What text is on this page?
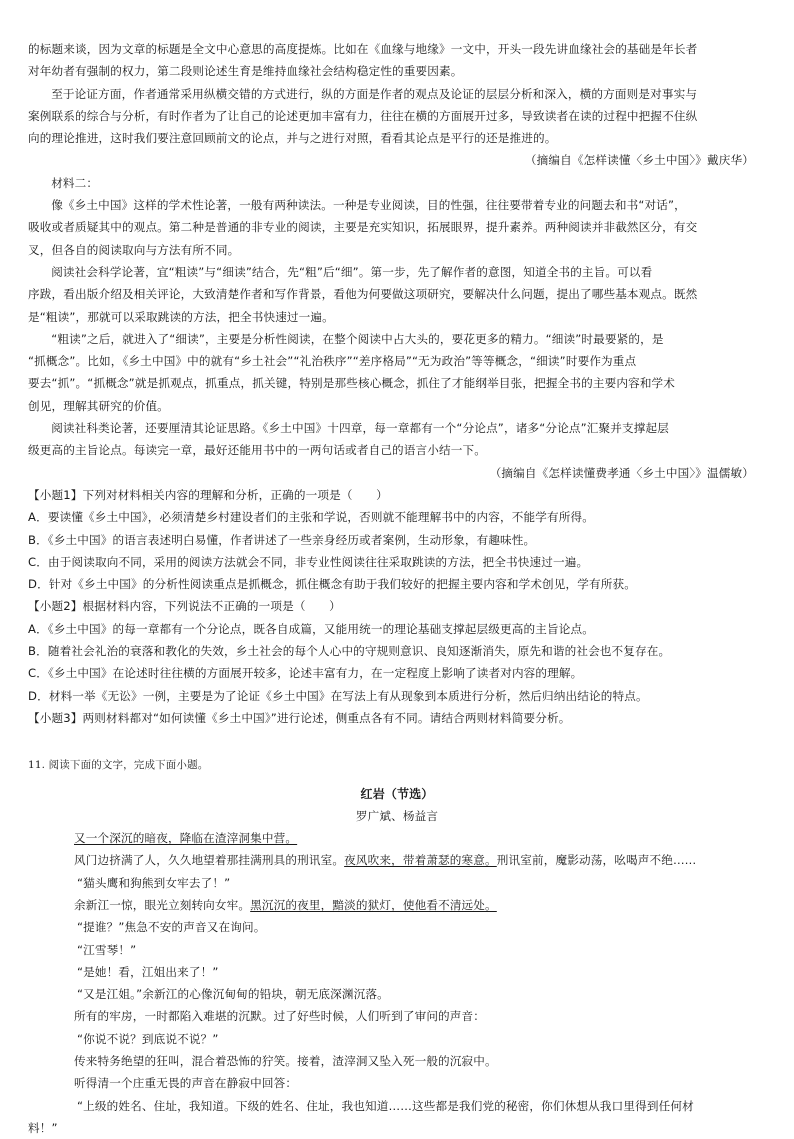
的标题来谈，因为文章的标题是全文中心意思的高度提炼。比如在《血缘与地缘》一文中，开头一段先讲血缘社会的基础是年长者

对年幼者有强制的权力，第二段则论述生育是维持血缘社会结构稳定性的重要因素。

至于论证方面，作者通常采用纵横交错的方式进行，纵的方面是作者的观点及论证的层层分析和深入，横的方面则是对事实与

案例联系的综合与分析，有时作者为了让自己的论述更加丰富有力，往往在横的方面展开过多，导致读者在读的过程中把握不住纵

向的理论推进，这时我们要注意回顾前文的论点，并与之进行对照，看看其论点是平行的还是推进的。

（摘编自《怎样读懂〈乡土中国〉》戴庆华）

材料二：

像《乡土中国》这样的学术性论著，一般有两种读法。一种是专业阅读，目的性强，往往要带着专业的问题去和书“对话”，

吸收或者质疑其中的观点。第二种是普通的非专业的阅读，主要是充实知识，拓展眼界，提升素养。两种阅读并非截然区分，有交

叉，但各自的阅读取向与方法有所不同。

阅读社会科学论著，宜“粗读”与“细读”结合，先“粗”后“细”。第一步，先了解作者的意图，知道全书的主旨。可以看

序跋，看出版介绍及相关评论，大致清楚作者和写作背景，看他为何要做这项研究，要解决什么问题，提出了哪些基本观点。既然

是“粗读”，那就可以采取跳读的方法，把全书快速过一遍。

“粗读”之后，就进入了“细读”，主要是分析性阅读，在整个阅读中占大头的，要花更多的精力。“细读”时最要紧的，是

“抓概念”。比如，《乡土中国》中的就有“乡土社会”“礼治秩序”“差序格局”“无为政治”等等概念，“细读”时要作为重点

要去“抓”。“抓概念”就是抓观点，抓重点，抓关键，特别是那些核心概念，抓住了才能纲举目张，把握全书的主要内容和学术

创见，理解其研究的价值。

阅读社科类论著，还要厘清其论证思路。《乡土中国》十四章，每一章都有一个“分论点”，诸多“分论点”汇聚并支撑起层

级更高的主旨论点。每读完一章，最好还能用书中的一两句话或者自己的语言小结一下。

（摘编自《怎样读懂费孝通〈乡土中国〉》温儒敏）

【小题1】下列对材料相关内容的理解和分析，正确的一项是（　　）

A．要读懂《乡土中国》，必须清楚乡村建设者们的主张和学说，否则就不能理解书中的内容，不能学有所得。

B．《乡土中国》的语言表述明白易懂，作者讲述了一些亲身经历或者案例，生动形象，有趣味性。

C．由于阅读取向不同，采用的阅读方法就会不同，非专业性阅读往往采取跳读的方法，把全书快速过一遍。

D．针对《乡土中国》的分析性阅读重点是抓概念，抓住概念有助于我们较好的把握主要内容和学术创见，学有所获。

【小题2】根据材料内容，下列说法不正确的一项是（　　）

A．《乡土中国》的每一章都有一个分论点，既各自成篇，又能用统一的理论基础支撑起层级更高的主旨论点。

B．随着社会礼治的衰落和教化的失效，乡土社会的每个人心中的守规则意识、良知逐渐消失，原先和谐的社会也不复存在。

C．《乡土中国》在论述时往往横的方面展开较多，论述丰富有力，在一定程度上影响了读者对内容的理解。

D．材料一举《无讼》一例，主要是为了论证《乡土中国》在写法上有从现象到本质进行分析，然后归纳出结论的特点。

【小题3】两则材料都对“如何读懂《乡土中国》”进行论述，侧重点各有不同。请结合两则材料简要分析。

11. 阅读下面的文字，完成下面小题。

红岩（节选）

罗广斌、杨益言

又一个深沉的暗夜，降临在渣滓洞集中营。

风门边挤满了人，久久地望着那挂满刑具的刑讯室。夜风吹来，带着萧瑟的寒意。刑讯室前，魔影动荡，吆喝声不绝……

“猫头鹰和狗熊到女牢去了！”

余新江一惊，眼光立刻转向女牢。黑沉沉的夜里，黯淡的狱灯，使他看不清远处。

“提谁？”焦急不安的声音又在询问。

“江雪琴！”

“是她！看，江姐出来了！”

“又是江姐。”余新江的心像沉甸甸的铅块，朝无底深渊沉落。

所有的牢房，一时都陷入难堪的沉默。过了好些时候，人们听到了审问的声音：

“你说不说？到底说不说？”

传来特务绝望的狂叫，混合着恐怖的狞笑。接着，渣滓洞又坠入死一般的沉寂中。

听得清一个庄重无畏的声音在静寂中回答：

“上级的姓名、住址，我知道。下级的姓名、住址，我也知道……这些都是我们党的秘密，你们休想从我口里得到任何材

料！”
